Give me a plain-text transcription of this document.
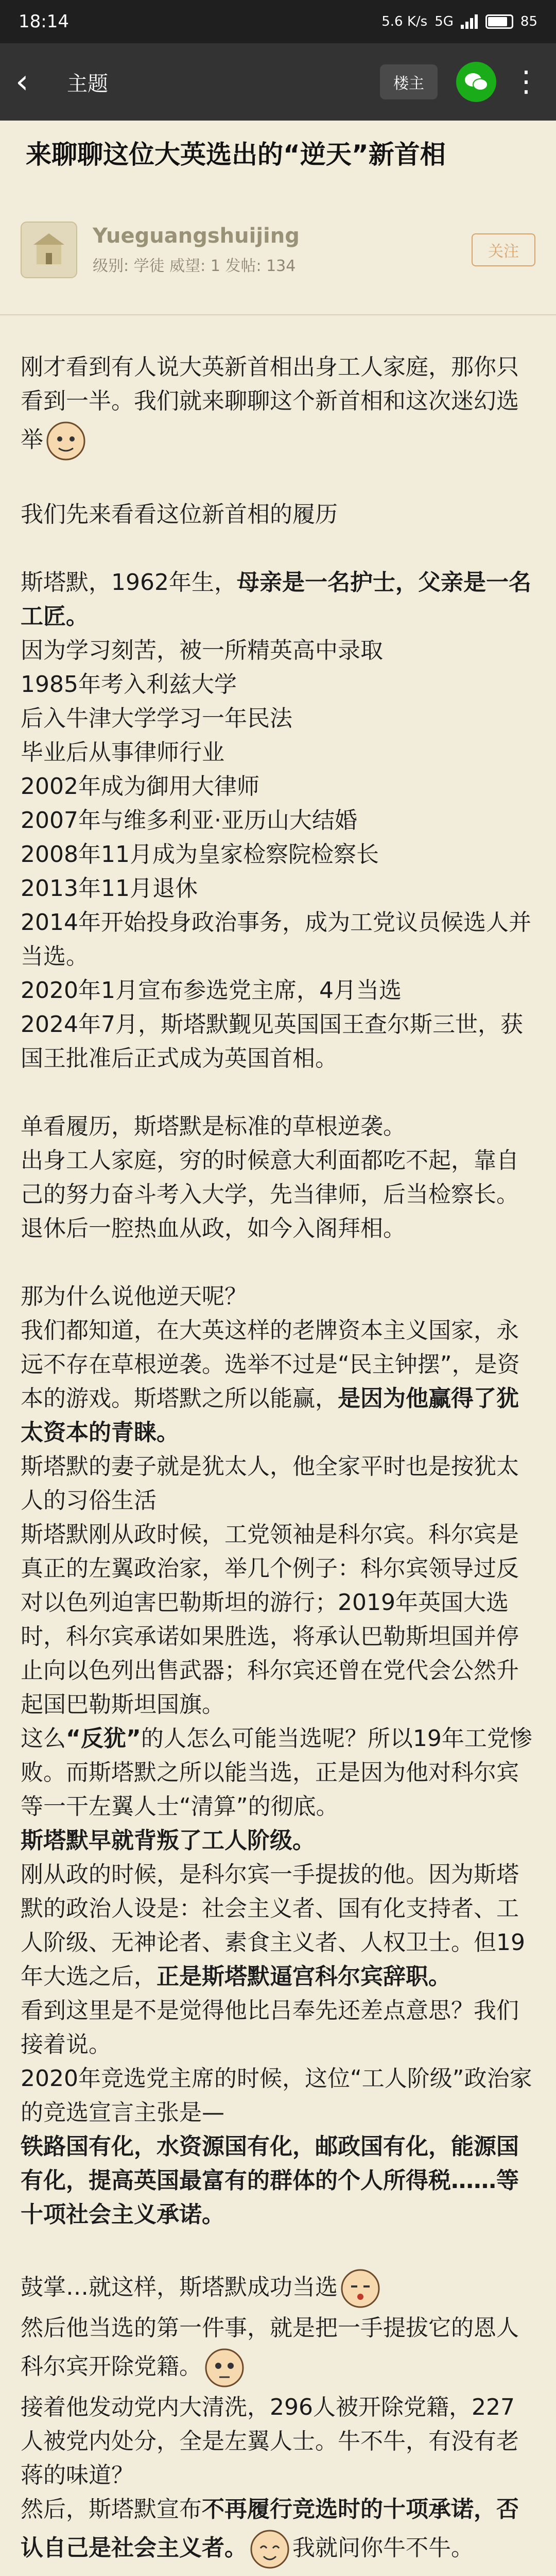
18:14	5.6 K/s 5G	85
‹	主题	楼主	⋮
来聊聊这位大英选出的“逆天”新首相
Yueguangshuijing
级别: 学徒 威望: 1 发帖: 134
关注
刚才看到有人说大英新首相出身工人家庭，那你只看到一半。我们就来聊聊这个新首相和这次迷幻选举
我们先来看看这位新首相的履历
斯塔默，1962年生，母亲是一名护士，父亲是一名工匠。
因为学习刻苦，被一所精英高中录取
1985年考入利兹大学
后入牛津大学学习一年民法
毕业后从事律师行业
2002年成为御用大律师
2007年与维多利亚·亚历山大结婚
2008年11月成为皇家检察院检察长
2013年11月退休
2014年开始投身政治事务，成为工党议员候选人并当选。
2020年1月宣布参选党主席，4月当选
2024年7月，斯塔默觐见英国国王查尔斯三世，获国王批准后正式成为英国首相。
单看履历，斯塔默是标准的草根逆袭。
出身工人家庭，穷的时候意大利面都吃不起，靠自己的努力奋斗考入大学，先当律师，后当检察长。退休后一腔热血从政，如今入阁拜相。
那为什么说他逆天呢？
我们都知道，在大英这样的老牌资本主义国家，永远不存在草根逆袭。选举不过是“民主钟摆”，是资本的游戏。斯塔默之所以能赢，是因为他赢得了犹太资本的青睐。
斯塔默的妻子就是犹太人，他全家平时也是按犹太人的习俗生活
斯塔默刚从政时候，工党领袖是科尔宾。科尔宾是真正的左翼政治家，举几个例子：科尔宾领导过反对以色列迫害巴勒斯坦的游行；2019年英国大选时，科尔宾承诺如果胜选，将承认巴勒斯坦国并停止向以色列出售武器；科尔宾还曾在党代会公然升起国巴勒斯坦国旗。
这么“反犹”的人怎么可能当选呢？所以19年工党惨败。而斯塔默之所以能当选，正是因为他对科尔宾等一干左翼人士“清算”的彻底。
斯塔默早就背叛了工人阶级。
刚从政的时候，是科尔宾一手提拔的他。因为斯塔默的政治人设是：社会主义者、国有化支持者、工人阶级、无神论者、素食主义者、人权卫士。但19年大选之后，正是斯塔默逼宫科尔宾辞职。
看到这里是不是觉得他比吕奉先还差点意思？我们接着说。
2020年竞选党主席的时候，这位“工人阶级”政治家的竞选宣言主张是—
铁路国有化，水资源国有化，邮政国有化，能源国有化，提高英国最富有的群体的个人所得税……等十项社会主义承诺。
鼓掌…就这样，斯塔默成功当选
然后他当选的第一件事，就是把一手提拔它的恩人科尔宾开除党籍。
接着他发动党内大清洗，296人被开除党籍，227人被党内处分，全是左翼人士。牛不牛，有没有老蒋的味道？
然后，斯塔默宣布不再履行竞选时的十项承诺，否认自己是社会主义者。 我就问你牛不牛。
